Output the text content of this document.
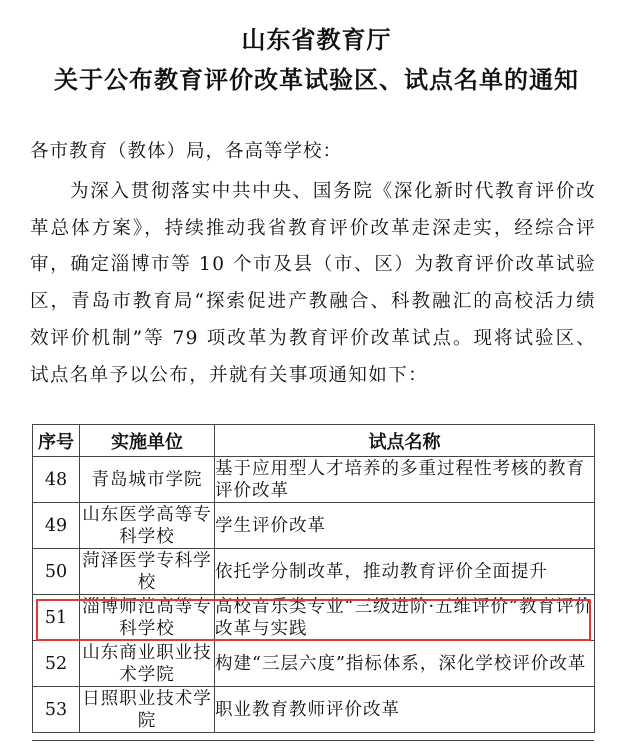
山东省教育厅
关于公布教育评价改革试验区、试点名单的通知
各市教育（教体）局，各高等学校：

为深入贯彻落实中共中央、国务院《深化新时代教育评价改革总体方案》，持续推动我省教育评价改革走深走实，经综合评审，确定淄博市等 10 个市及县（市、区）为教育评价改革试验区，青岛市教育局“探索促进产教融合、科教融汇的高校活力绩效评价机制”等 79 项改革为教育评价改革试点。现将试验区、试点名单予以公布，并就有关事项通知如下：

序号	实施单位	试点名称
48	青岛城市学院	基于应用型人才培养的多重过程性考核的教育评价改革
49	山东医学高等专科学校	学生评价改革
50	菏泽医学专科学校	依托学分制改革，推动教育评价全面提升
51	淄博师范高等专科学校	高校音乐类专业“三级进阶·五维评价”教育评价改革与实践
52	山东商业职业技术学院	构建“三层六度”指标体系，深化学校评价改革
53	日照职业技术学院	职业教育教师评价改革
